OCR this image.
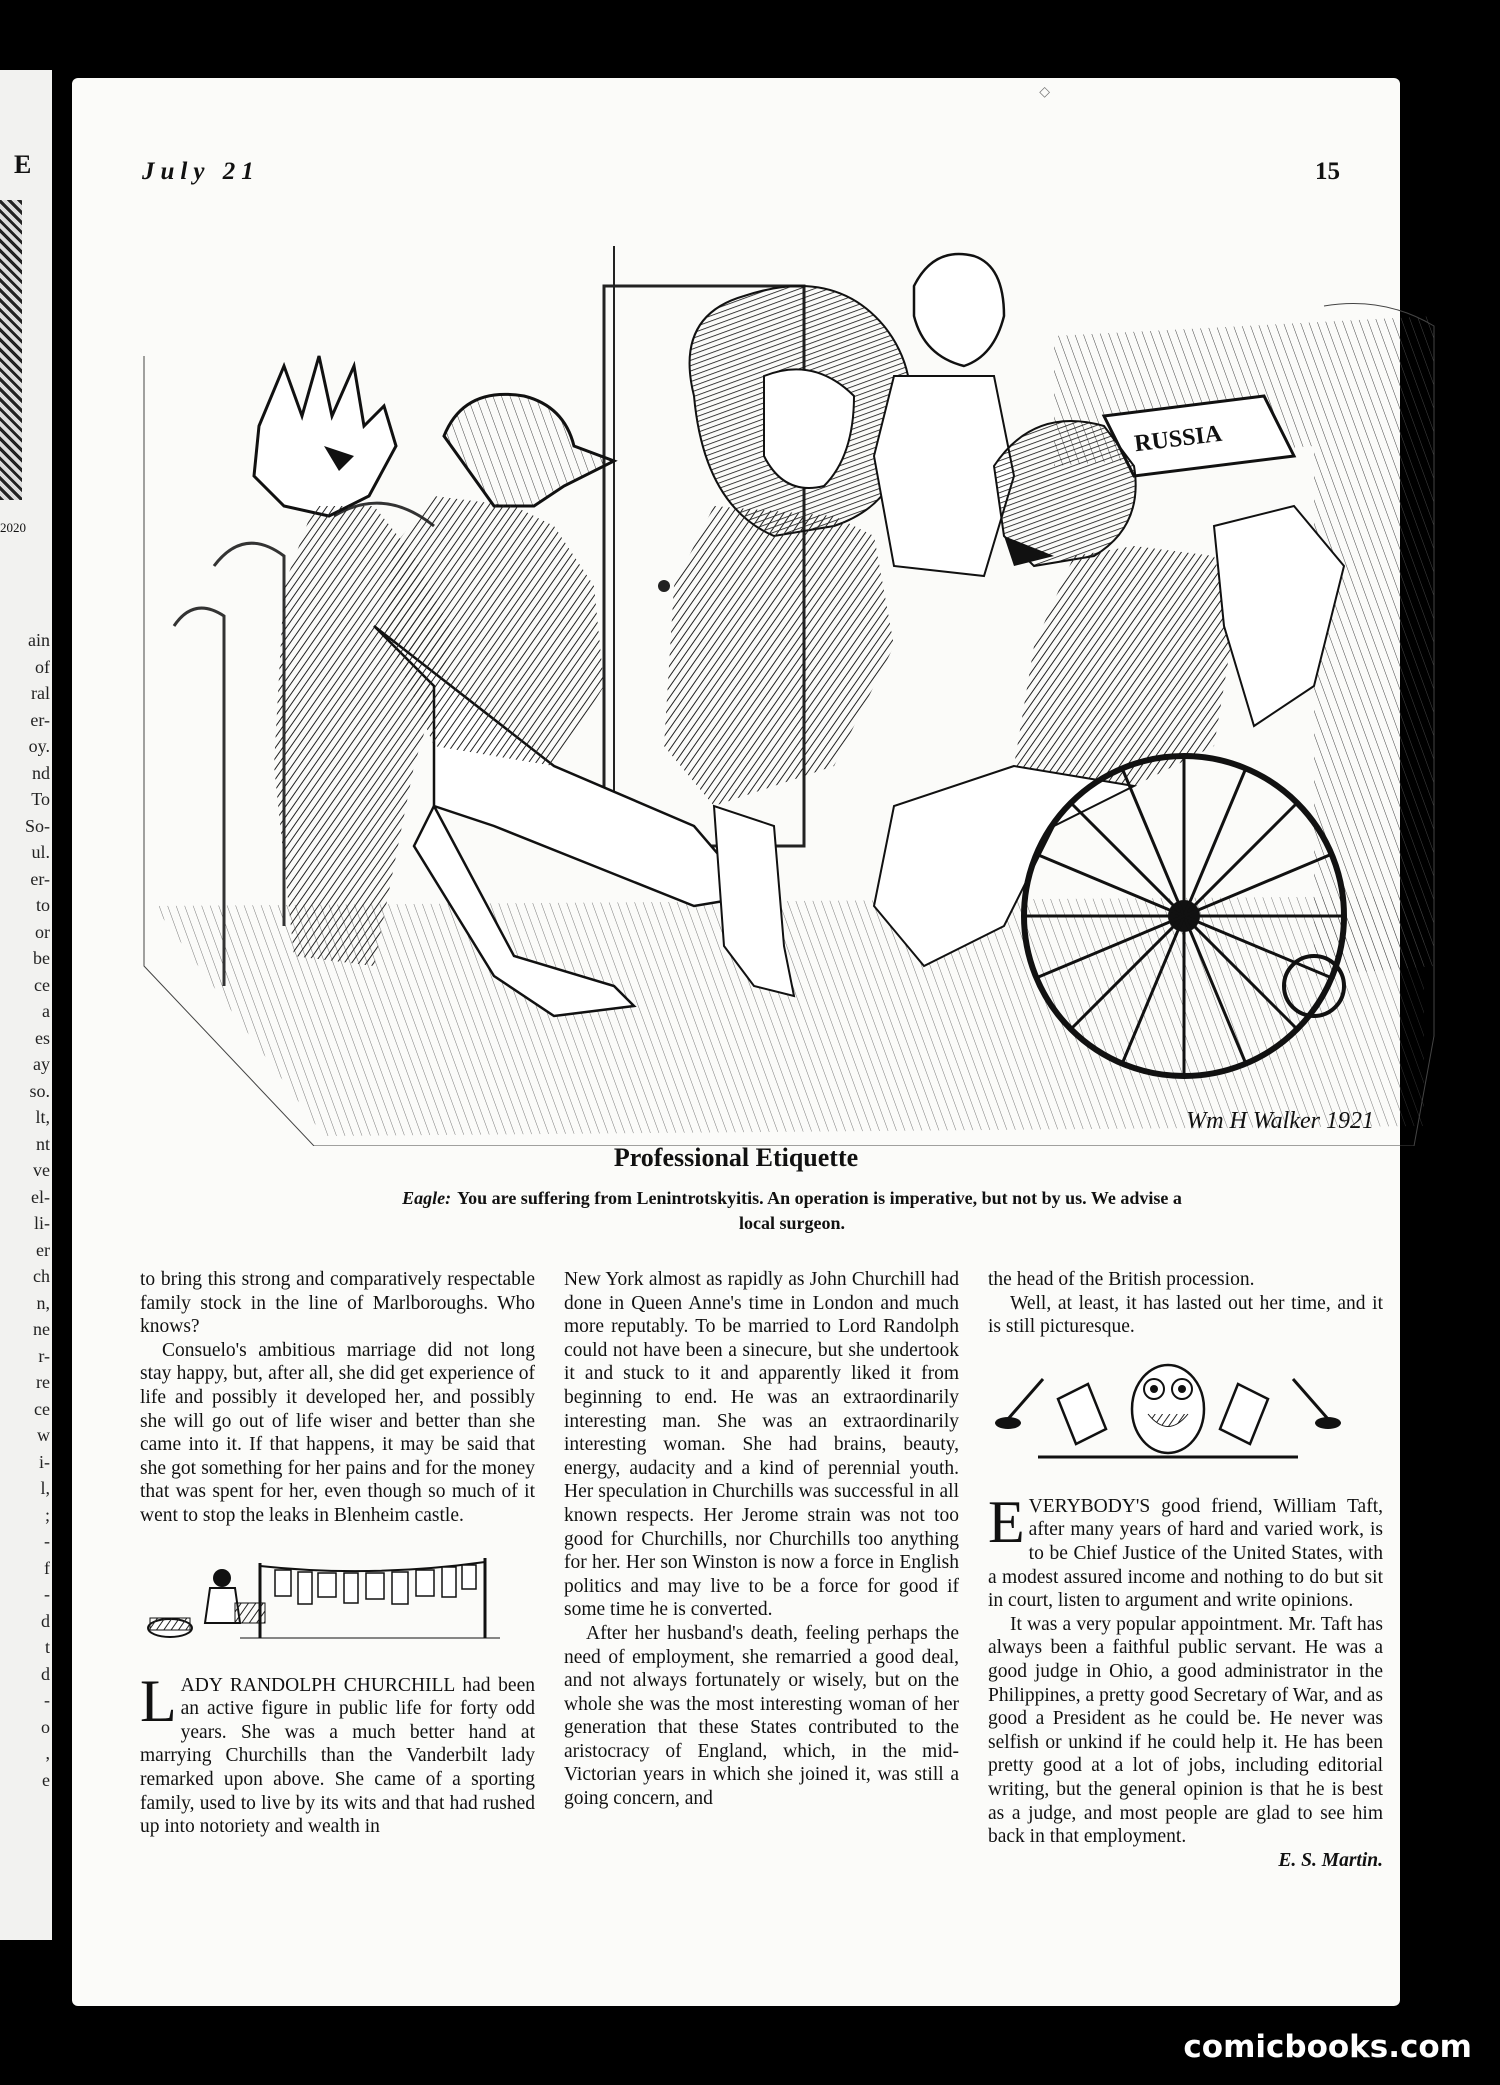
E
2020
ain
of
ral
er-
oy.
nd
To
So-
ul.
er-
to
or
be
ce
a
es
ay
so.
lt,
nt
ve
el-
li-
er
ch
n,
ne
r-
re
ce
w
i-
l,
;
-
f
-
d
t
d
-
o
,
e
◇
July 21	15
RUSSIA
Wm H Walker 1921
Professional Etiquette
Eagle: You are suffering from Lenintrotskyitis. An operation is imperative, but not by us. We advise a local surgeon.

to bring this strong and comparatively respectable family stock in the line of Marlboroughs. Who knows?

Consuelo's ambitious marriage did not long stay happy, but, after all, she did get experience of life and possibly it developed her, and possibly she will go out of life wiser and better than she came into it. If that happens, it may be said that she got something for her pains and for the money that was spent for her, even though so much of it went to stop the leaks in Blenheim castle.

LADY RANDOLPH CHURCHILL had been an active figure in public life for forty odd years. She was a much better hand at marrying Churchills than the Vanderbilt lady remarked upon above. She came of a sporting family, used to live by its wits and that had rushed up into notoriety and wealth in

New York almost as rapidly as John Churchill had done in Queen Anne's time in London and much more reputably. To be married to Lord Randolph could not have been a sinecure, but she undertook it and stuck to it and apparently liked it from beginning to end. He was an extraordinarily interesting man. She was an extraordinarily interesting woman. She had brains, beauty, energy, audacity and a kind of perennial youth. Her speculation in Churchills was successful in all known respects. Her Jerome strain was not too good for Churchills, nor Churchills too anything for her. Her son Winston is now a force in English politics and may live to be a force for good if some time he is converted.

After her husband's death, feeling perhaps the need of employment, she remarried a good deal, and not always fortunately or wisely, but on the whole she was the most interesting woman of her generation that these States contributed to the aristocracy of England, which, in the mid-Victorian years in which she joined it, was still a going concern, and

the head of the British procession.

Well, at least, it has lasted out her time, and it is still picturesque.

EVERYBODY'S good friend, William Taft, after many years of hard and varied work, is to be Chief Justice of the United States, with a modest assured income and nothing to do but sit in court, listen to argument and write opinions.

It was a very popular appointment. Mr. Taft has always been a faithful public servant. He was a good judge in Ohio, a good administrator in the Philippines, a pretty good Secretary of War, and as good a President as he could be. He never was selfish or unkind if he could help it. He has been pretty good at a lot of jobs, including editorial writing, but the general opinion is that he is best as a judge, and most people are glad to see him back in that employment.

E. S. Martin.

comicbooks.com
